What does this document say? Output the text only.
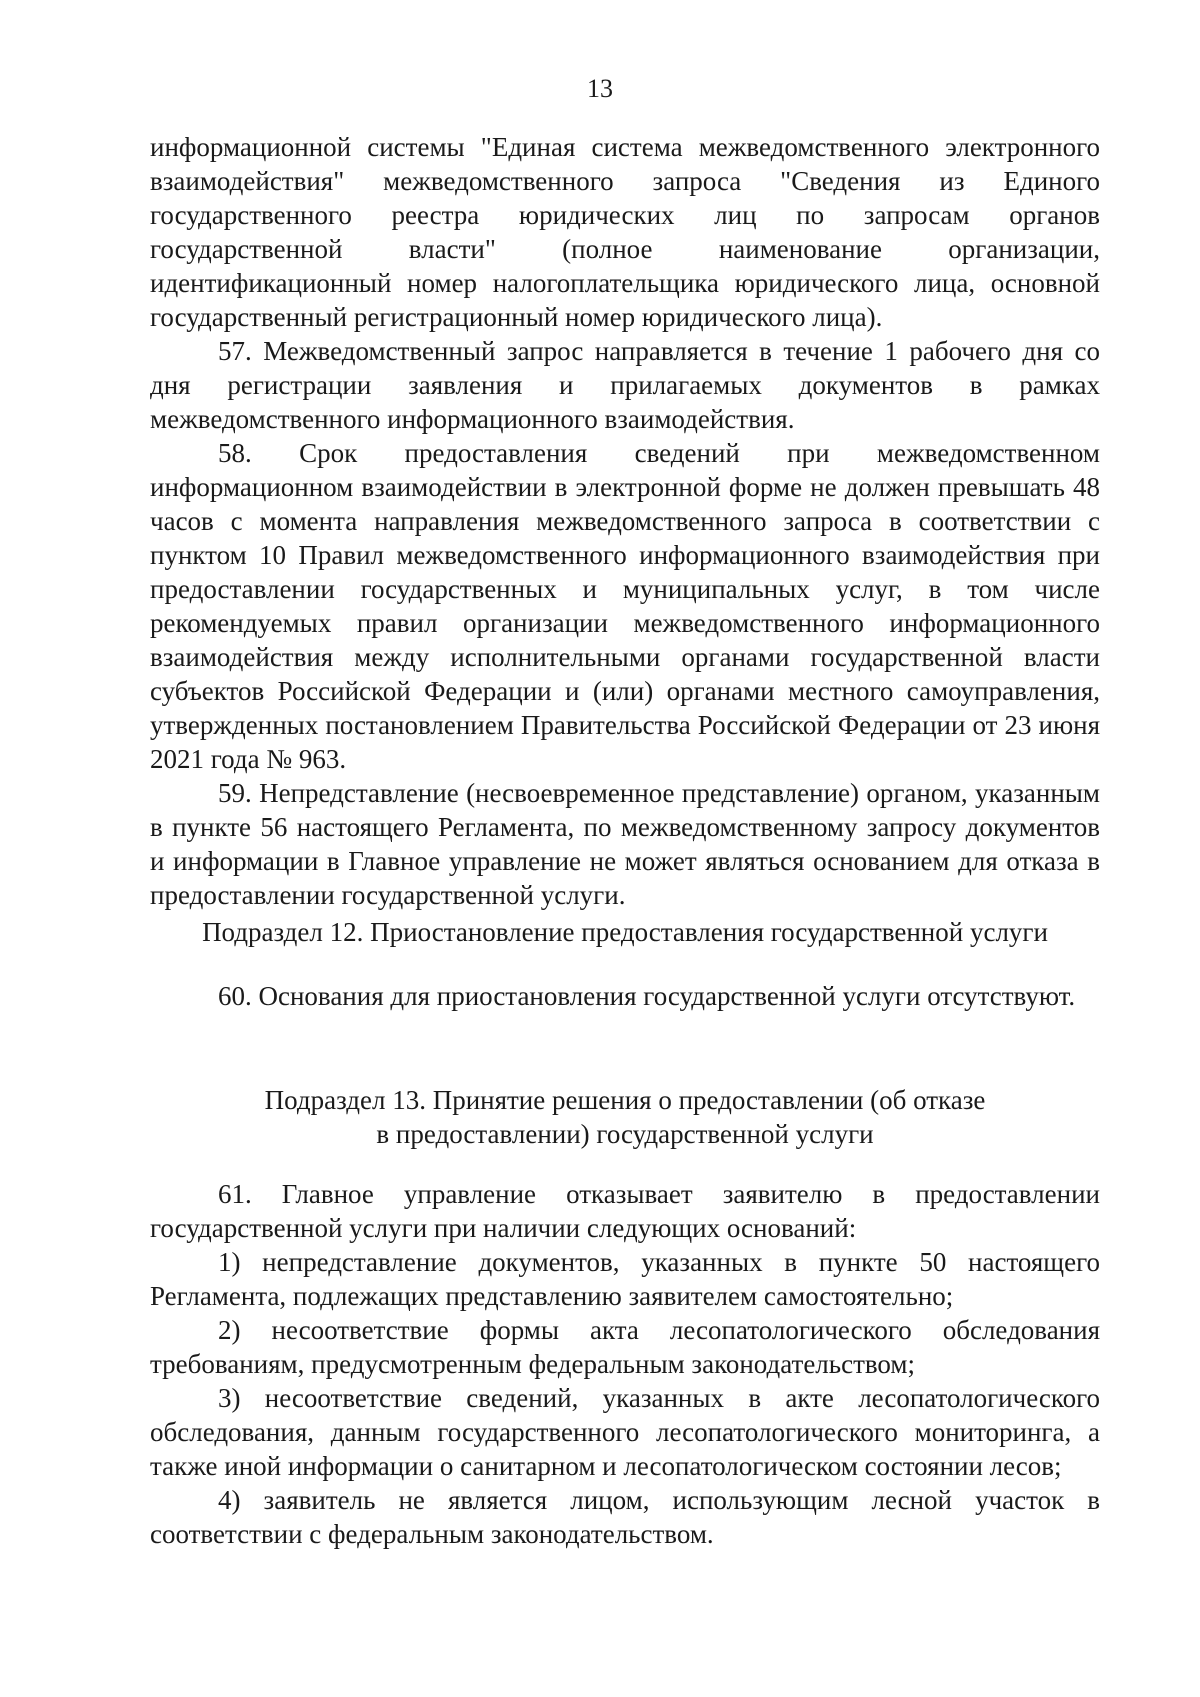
13

информационной системы "Единая система межведомственного электронного взаимодействия" межведомственного запроса "Сведения из Единого государственного реестра юридических лиц по запросам органов государственной власти" (полное наименование организации, идентификационный номер налогоплательщика юридического лица, основной государственный регистрационный номер юридического лица).

57. Межведомственный запрос направляется в течение 1 рабочего дня со дня регистрации заявления и прилагаемых документов в рамках межведомственного информационного взаимодействия.

58. Срок предоставления сведений при межведомственном информационном взаимодействии в электронной форме не должен превышать 48 часов с момента направления межведомственного запроса в соответствии с пунктом 10 Правил межведомственного информационного взаимодействия при предоставлении государственных и муниципальных услуг, в том числе рекомендуемых правил организации межведомственного информационного взаимодействия между исполнительными органами государственной власти субъектов Российской Федерации и (или) органами местного самоуправления, утвержденных постановлением Правительства Российской Федерации от 23 июня 2021 года № 963.

59. Непредставление (несвоевременное представление) органом, указанным в пункте 56 настоящего Регламента, по межведомственному запросу документов и информации в Главное управление не может являться основанием для отказа в предоставлении государственной услуги.

Подраздел 12. Приостановление предоставления государственной услуги

60. Основания для приостановления государственной услуги отсутствуют.

Подраздел 13. Принятие решения о предоставлении (об отказе

в предоставлении) государственной услуги

61. Главное управление отказывает заявителю в предоставлении государственной услуги при наличии следующих оснований:

1) непредставление документов, указанных в пункте 50 настоящего Регламента, подлежащих представлению заявителем самостоятельно;

2) несоответствие формы акта лесопатологического обследования требованиям, предусмотренным федеральным законодательством;

3) несоответствие сведений, указанных в акте лесопатологического обследования, данным государственного лесопатологического мониторинга, а также иной информации о санитарном и лесопатологическом состоянии лесов;

4) заявитель не является лицом, использующим лесной участок в соответствии с федеральным законодательством.
